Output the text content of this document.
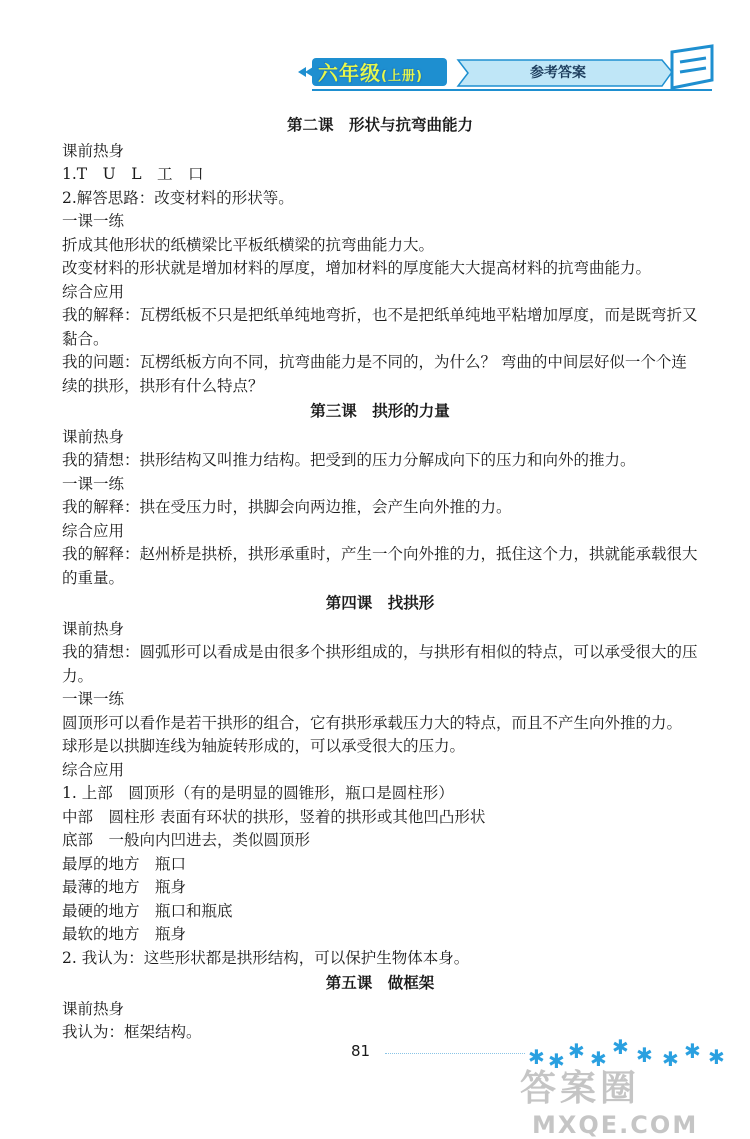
六年级(上册)	参考答案

第二课　形状与抗弯曲能力

课前热身

1.T　U　L　工　口

2.解答思路：改变材料的形状等。

一课一练

折成其他形状的纸横梁比平板纸横梁的抗弯曲能力大。

改变材料的形状就是增加材料的厚度，增加材料的厚度能大大提高材料的抗弯曲能力。

综合应用

我的解释：瓦楞纸板不只是把纸单纯地弯折，也不是把纸单纯地平粘增加厚度，而是既弯折又黏合。

我的问题：瓦楞纸板方向不同，抗弯曲能力是不同的，为什么？ 弯曲的中间层好似一个个连续的拱形，拱形有什么特点？

第三课　拱形的力量

课前热身

我的猜想：拱形结构又叫推力结构。把受到的压力分解成向下的压力和向外的推力。

一课一练

我的解释：拱在受压力时，拱脚会向两边推，会产生向外推的力。

综合应用

我的解释：赵州桥是拱桥，拱形承重时，产生一个向外推的力，抵住这个力，拱就能承载很大的重量。

第四课　找拱形

课前热身

我的猜想：圆弧形可以看成是由很多个拱形组成的，与拱形有相似的特点，可以承受很大的压力。

一课一练

圆顶形可以看作是若干拱形的组合，它有拱形承载压力大的特点，而且不产生向外推的力。

球形是以拱脚连线为轴旋转形成的，可以承受很大的压力。

综合应用

1. 上部　圆顶形（有的是明显的圆锥形，瓶口是圆柱形）

中部　圆柱形 表面有环状的拱形，竖着的拱形或其他凹凸形状

底部　一般向内凹进去，类似圆顶形

最厚的地方　瓶口

最薄的地方　瓶身

最硬的地方　瓶口和瓶底

最软的地方　瓶身

2. 我认为：这些形状都是拱形结构，可以保护生物体本身。

第五课　做框架

课前热身

我认为：框架结构。

✱ ✱ ✱ ✱ ✱ ✱ ✱ ✱ ✱
81
答案圈
MXQE.COM
